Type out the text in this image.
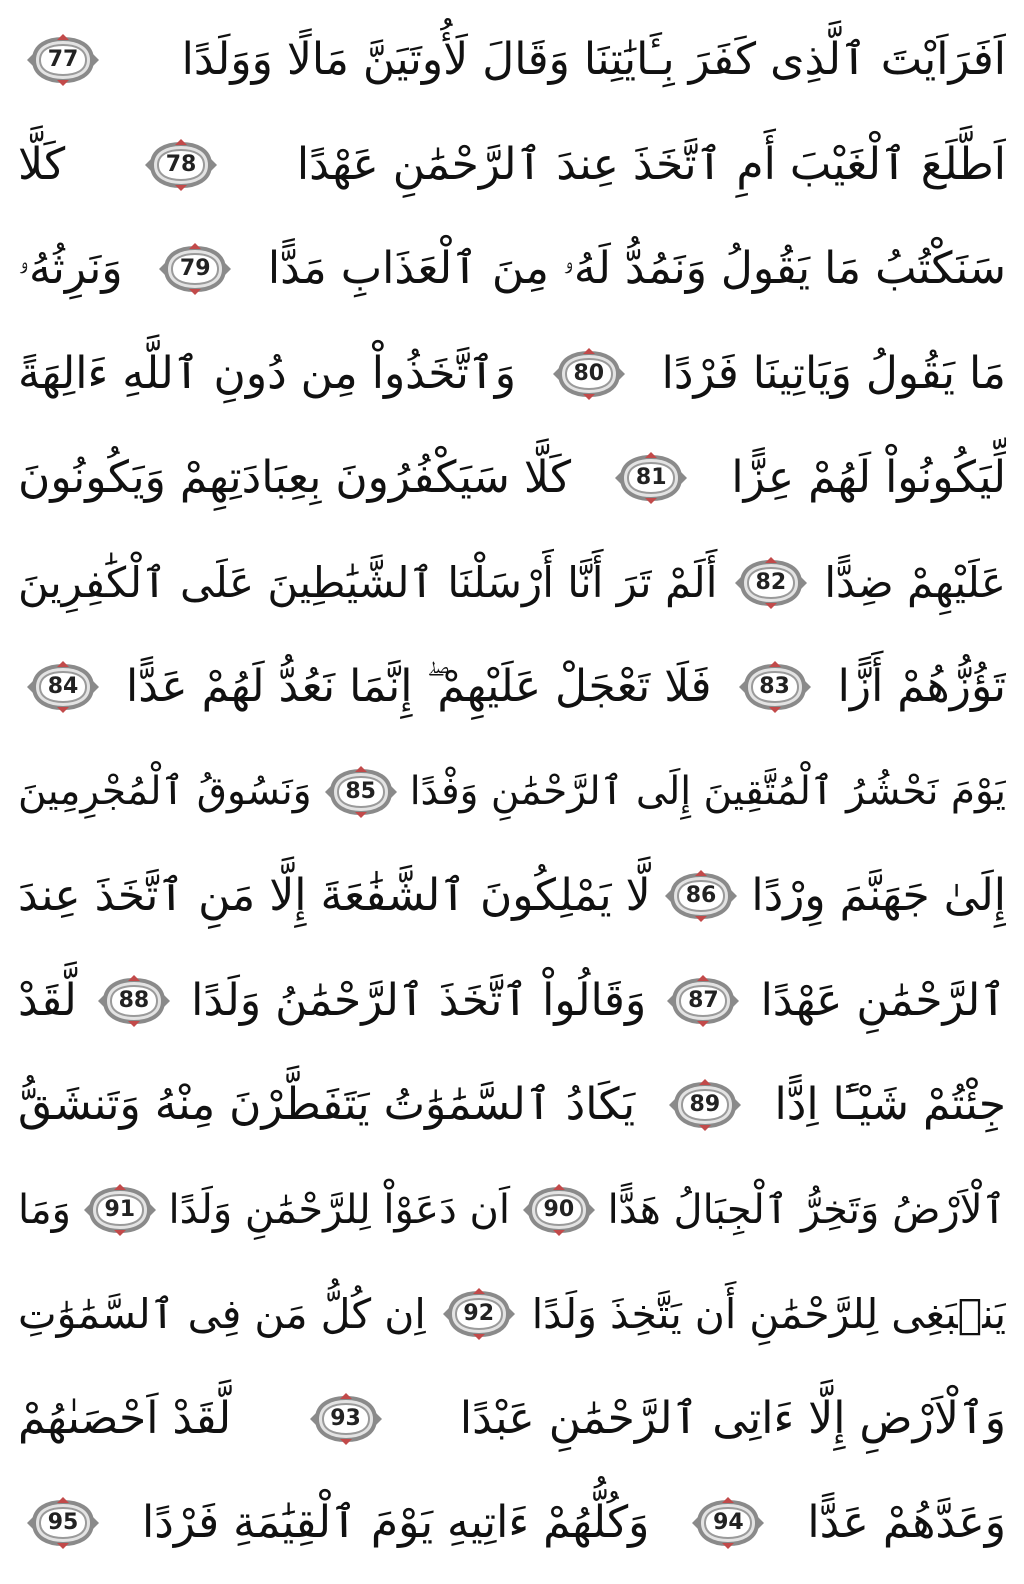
اَفَرَاَيْتَ ٱلَّذِى كَفَرَ بِـَٔايَٰتِنَا وَقَالَ لَأُوتَيَنَّ مَالًا وَوَلَدًا
77
اَطَّلَعَ ٱلْغَيْبَ أَمِ ٱتَّخَذَ عِندَ ٱلرَّحْمَٰنِ عَهْدًا
78
كَلَّا
سَنَكْتُبُ مَا يَقُولُ وَنَمُدُّ لَهُۥ مِنَ ٱلْعَذَابِ مَدًّا
79
وَنَرِثُهُۥ
مَا يَقُولُ وَيَاتِينَا فَرْدًا
80
وَٱتَّخَذُواْ مِن دُونِ ٱللَّهِ ءَالِهَةً
لِّيَكُونُواْ لَهُمْ عِزًّا
81
كَلَّا سَيَكْفُرُونَ بِعِبَادَتِهِمْ وَيَكُونُونَ
عَلَيْهِمْ ضِدًّا
82
أَلَمْ تَرَ أَنَّا أَرْسَلْنَا ٱلشَّيَٰطِينَ عَلَى ٱلْكَٰفِرِينَ
تَؤُزُّهُمْ أَزًّا
83
فَلَا تَعْجَلْ عَلَيْهِمْ ۖ إِنَّمَا نَعُدُّ لَهُمْ عَدًّا
84
يَوْمَ نَحْشُرُ ٱلْمُتَّقِينَ إِلَى ٱلرَّحْمَٰنِ وَفْدًا
85
وَنَسُوقُ ٱلْمُجْرِمِينَ
إِلَىٰ جَهَنَّمَ وِرْدًا
86
لَّا يَمْلِكُونَ ٱلشَّفَٰعَةَ إِلَّا مَنِ ٱتَّخَذَ عِندَ
ٱلرَّحْمَٰنِ عَهْدًا
87
وَقَالُواْ ٱتَّخَذَ ٱلرَّحْمَٰنُ وَلَدًا
88
لَّقَدْ
جِئْتُمْ شَيْـًٔا اِدًّا
89
يَكَادُ ٱلسَّمَٰوَٰتُ يَتَفَطَّرْنَ مِنْهُ وَتَنشَقُّ
ٱلْاَرْضُ وَتَخِرُّ ٱلْجِبَالُ هَدًّا
90
اَن دَعَوْاْ لِلرَّحْمَٰنِ وَلَدًا
91
وَمَا
يَنۢبَغِى لِلرَّحْمَٰنِ أَن يَتَّخِذَ وَلَدًا
92
اِن كُلُّ مَن فِى ٱلسَّمَٰوَٰتِ
وَٱلْاَرْضِ إِلَّا ءَاتِى ٱلرَّحْمَٰنِ عَبْدًا
93
لَّقَدْ اَحْصَىٰهُمْ
وَعَدَّهُمْ عَدًّا
94
وَكُلُّهُمْ ءَاتِيهِ يَوْمَ ٱلْقِيَٰمَةِ فَرْدًا
95
